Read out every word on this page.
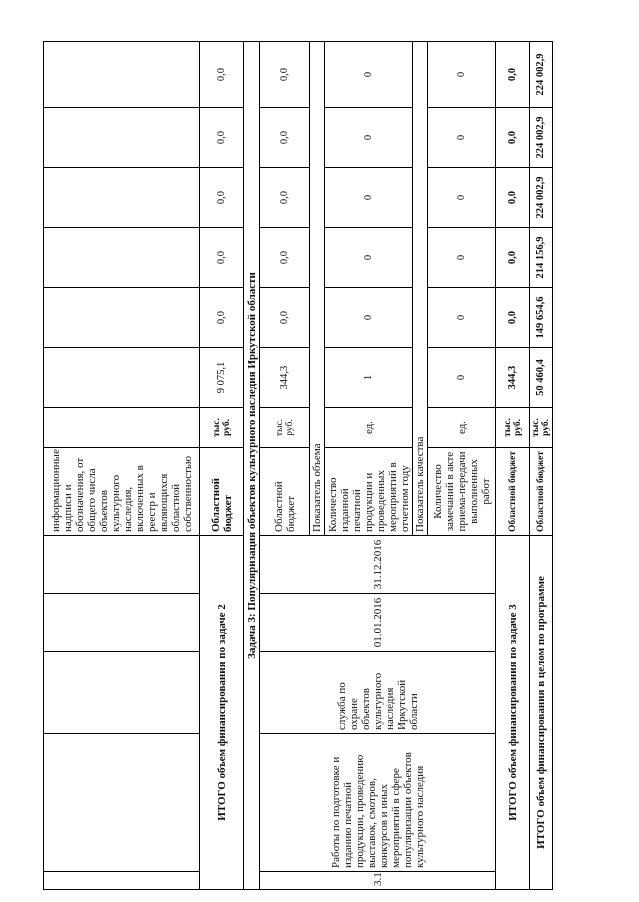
					информационные надписи и обозначения, от общего числа объектов культурного наследия, включенных в реестр и являющихся областной собственностью							
ИТОГО объем финансирования по задаче 2					Областной бюджет	тыс. руб.	9 075,1	0,0	0,0	0,0	0,0	0,0
Задача 3: Популяризация объектов культурного наследия Иркутской области												
3.1	Работы по подготовке и изданию печатной продукции, проведению выставок, смотров, конкурсов и иных мероприятий в сфере популяризации объектов культурного наследия	служба по охране объектов культурного наследия Иркутской области	01.01.2016	31.12.2016	Областной бюджет	тыс. руб.	344,3	0,0	0,0	0,0	0,0	0,0
					Показатель объема							
					Количество изданной печатной продукции и проведенных мероприятий в отчетном году	ед.	1	0	0	0	0	0
					Показатель качества							
					Количество замечаний в акте приема-передачи выполненных работ	ед.	0	0	0	0	0	0
ИТОГО объем финансирования по задаче 3					Областной бюджет	тыс. руб.	344,3	0,0	0,0	0,0	0,0	0,0
ИТОГО объем финансирования в целом по программе					Областной бюджет	тыс. руб.	50 460,4	149 654,6	214 156,9	224 002,9	224 002,9	224 002,9
